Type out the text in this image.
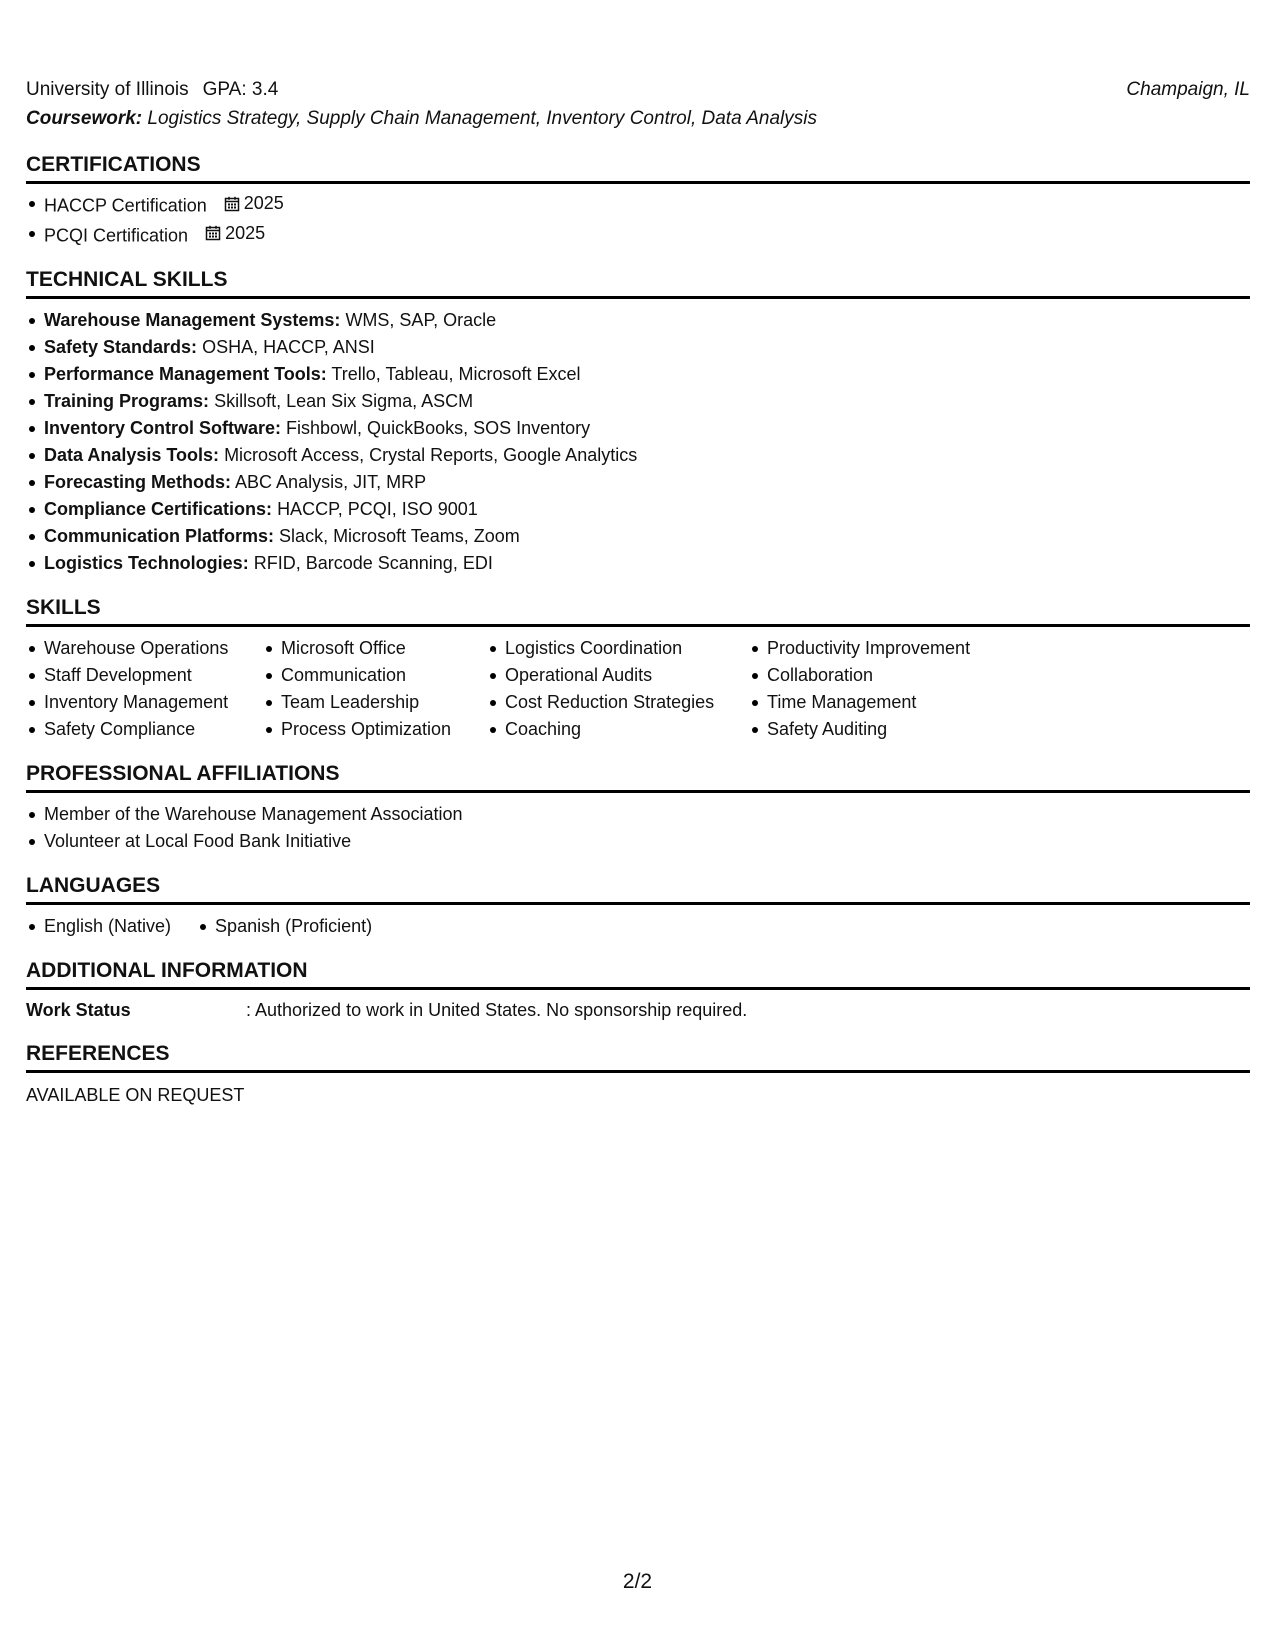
University of Illinois GPA: 3.4	Champaign, IL
Coursework: Logistics Strategy, Supply Chain Management, Inventory Control, Data Analysis
CERTIFICATIONS
HACCP Certification 2025
PCQI Certification 2025
TECHNICAL SKILLS
Warehouse Management Systems: WMS, SAP, Oracle
Safety Standards: OSHA, HACCP, ANSI
Performance Management Tools: Trello, Tableau, Microsoft Excel
Training Programs: Skillsoft, Lean Six Sigma, ASCM
Inventory Control Software: Fishbowl, QuickBooks, SOS Inventory
Data Analysis Tools: Microsoft Access, Crystal Reports, Google Analytics
Forecasting Methods: ABC Analysis, JIT, MRP
Compliance Certifications: HACCP, PCQI, ISO 9001
Communication Platforms: Slack, Microsoft Teams, Zoom
Logistics Technologies: RFID, Barcode Scanning, EDI
SKILLS
Warehouse Operations
Staff Development
Inventory Management
Safety Compliance
Microsoft Office
Communication
Team Leadership
Process Optimization
Logistics Coordination
Operational Audits
Cost Reduction Strategies
Coaching
Productivity Improvement
Collaboration
Time Management
Safety Auditing
PROFESSIONAL AFFILIATIONS
Member of the Warehouse Management Association
Volunteer at Local Food Bank Initiative
LANGUAGES
English (Native)	Spanish (Proficient)
ADDITIONAL INFORMATION
Work Status	: Authorized to work in United States. No sponsorship required.
REFERENCES
AVAILABLE ON REQUEST
2/2
